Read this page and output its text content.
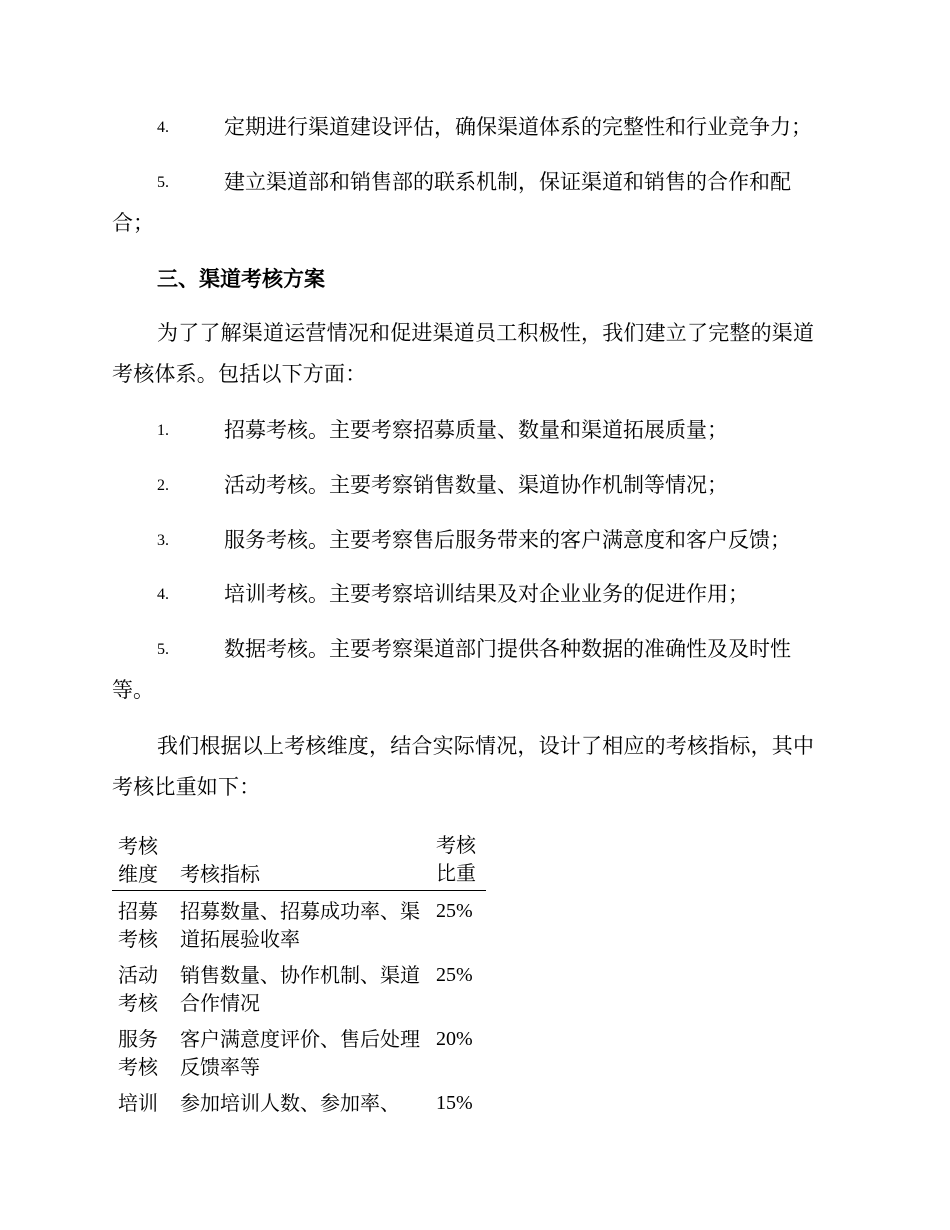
4.	定期进行渠道建设评估，确保渠道体系的完整性和行业竞争力；
5.	建立渠道部和销售部的联系机制，保证渠道和销售的合作和配合；
三、渠道考核方案
为了了解渠道运营情况和促进渠道员工积极性，我们建立了完整的渠道考核体系。包括以下方面：
1.	招募考核。主要考察招募质量、数量和渠道拓展质量；
2.	活动考核。主要考察销售数量、渠道协作机制等情况；
3.	服务考核。主要考察售后服务带来的客户满意度和客户反馈；
4.	培训考核。主要考察培训结果及对企业业务的促进作用；
5.	数据考核。主要考察渠道部门提供各种数据的准确性及及时性等。
我们根据以上考核维度，结合实际情况，设计了相应的考核指标，其中考核比重如下：
考核维度	考核指标	考核比重
招募考核	招募数量、招募成功率、渠道拓展验收率	25%
活动考核	销售数量、协作机制、渠道合作情况	25%
服务考核	客户满意度评价、售后处理反馈率等	20%
培训	参加培训人数、参加率、	15%
